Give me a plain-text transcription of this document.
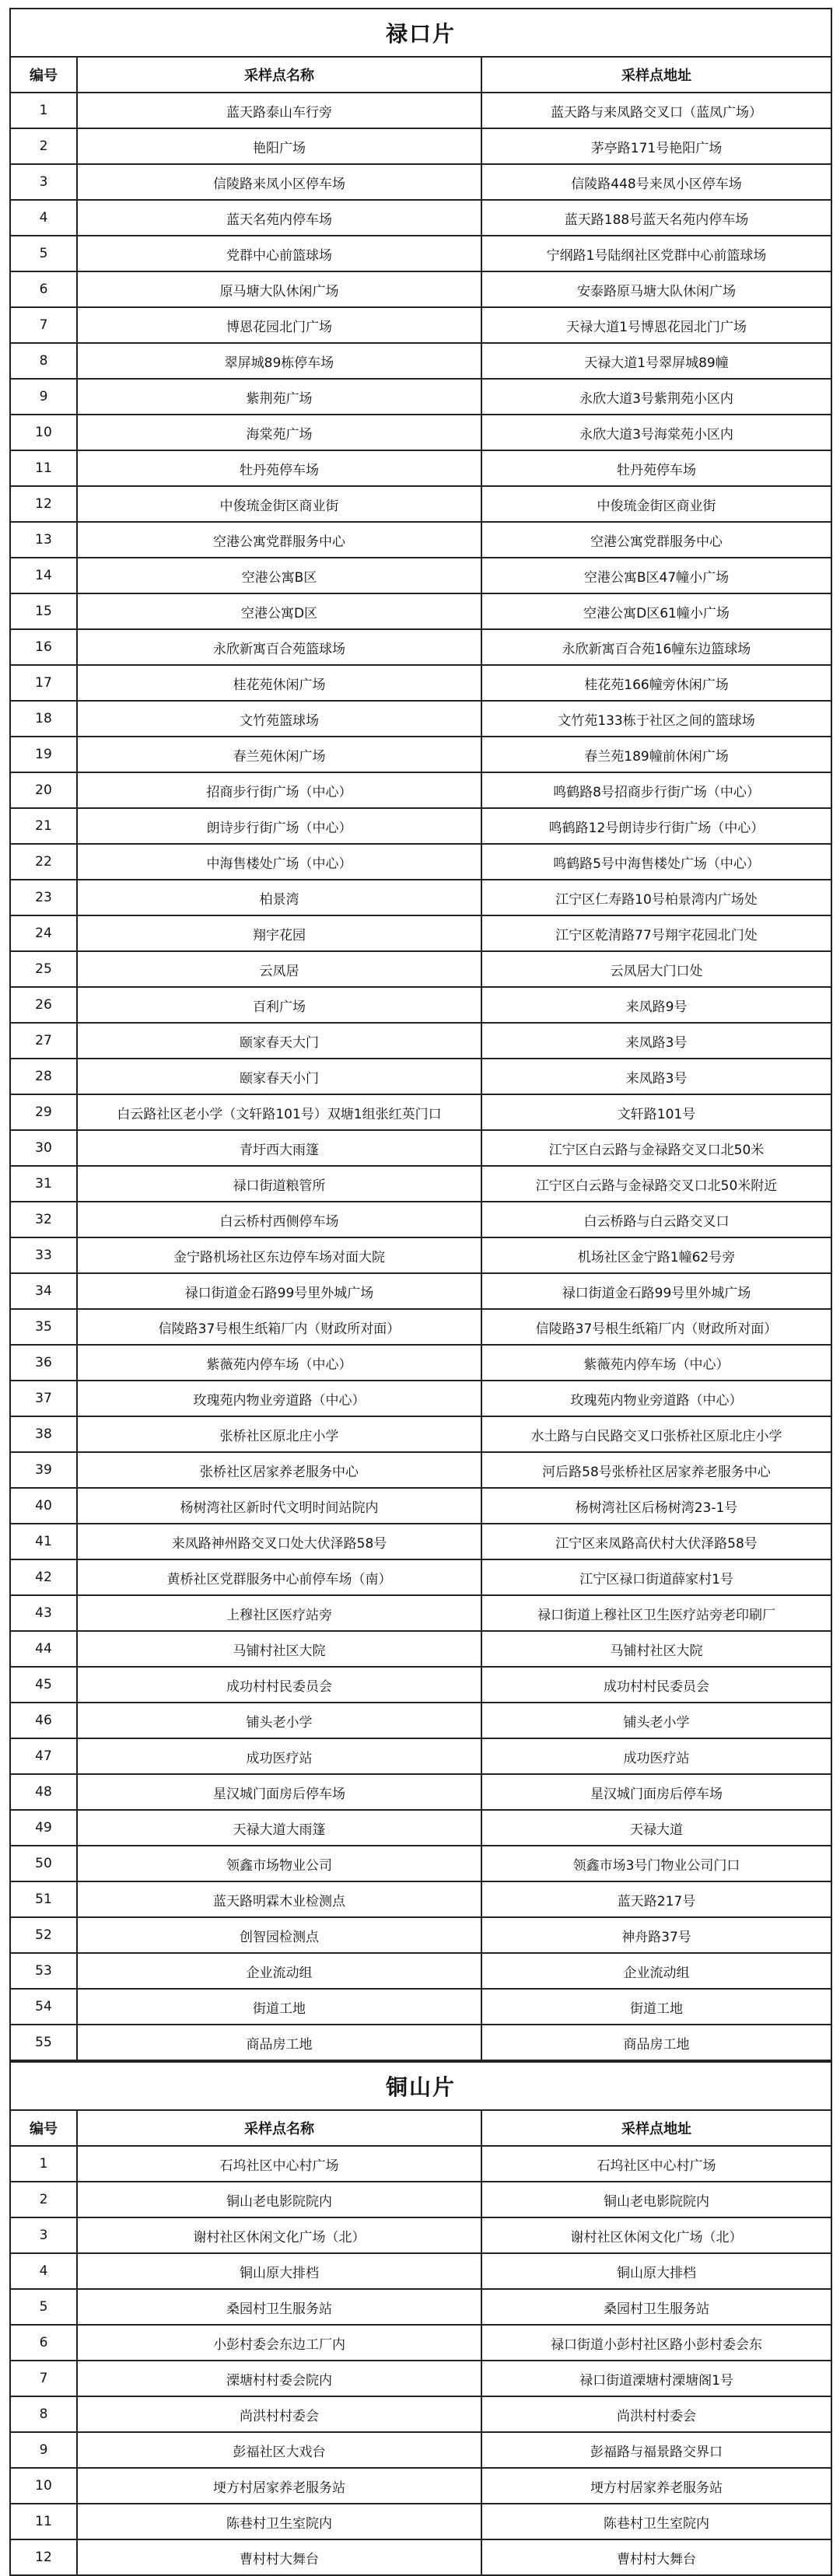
禄口片		
编号	采样点名称	采样点地址
1	蓝天路泰山车行旁	蓝天路与来凤路交叉口（蓝凤广场）
2	艳阳广场	茅亭路171号艳阳广场
3	信陵路来凤小区停车场	信陵路448号来凤小区停车场
4	蓝天名苑内停车场	蓝天路188号蓝天名苑内停车场
5	党群中心前篮球场	宁纲路1号陆纲社区党群中心前篮球场
6	原马塘大队休闲广场	安泰路原马塘大队休闲广场
7	博恩花园北门广场	天禄大道1号博恩花园北门广场
8	翠屏城89栋停车场	天禄大道1号翠屏城89幢
9	紫荆苑广场	永欣大道3号紫荆苑小区内
10	海棠苑广场	永欣大道3号海棠苑小区内
11	牡丹苑停车场	牡丹苑停车场
12	中俊琉金街区商业街	中俊琉金街区商业街
13	空港公寓党群服务中心	空港公寓党群服务中心
14	空港公寓B区	空港公寓B区47幢小广场
15	空港公寓D区	空港公寓D区61幢小广场
16	永欣新寓百合苑篮球场	永欣新寓百合苑16幢东边篮球场
17	桂花苑休闲广场	桂花苑166幢旁休闲广场
18	文竹苑篮球场	文竹苑133栋于社区之间的篮球场
19	春兰苑休闲广场	春兰苑189幢前休闲广场
20	招商步行街广场（中心）	鸣鹤路8号招商步行街广场（中心）
21	朗诗步行街广场（中心）	鸣鹤路12号朗诗步行街广场（中心）
22	中海售楼处广场（中心）	鸣鹤路5号中海售楼处广场（中心）
23	柏景湾	江宁区仁寿路10号柏景湾内广场处
24	翔宇花园	江宁区乾清路77号翔宇花园北门处
25	云凤居	云凤居大门口处
26	百利广场	来凤路9号
27	颐家春天大门	来凤路3号
28	颐家春天小门	来凤路3号
29	白云路社区老小学（文轩路101号）双塘1组张红英门口	文轩路101号
30	青圩西大雨篷	江宁区白云路与金禄路交叉口北50米
31	禄口街道粮管所	江宁区白云路与金禄路交叉口北50米附近
32	白云桥村西侧停车场	白云桥路与白云路交叉口
33	金宁路机场社区东边停车场对面大院	机场社区金宁路1幢62号旁
34	禄口街道金石路99号里外城广场	禄口街道金石路99号里外城广场
35	信陵路37号根生纸箱厂内（财政所对面）	信陵路37号根生纸箱厂内（财政所对面）
36	紫薇苑内停车场（中心）	紫薇苑内停车场（中心）
37	玫瑰苑内物业旁道路（中心）	玫瑰苑内物业旁道路（中心）
38	张桥社区原北庄小学	水土路与白民路交叉口张桥社区原北庄小学
39	张桥社区居家养老服务中心	河后路58号张桥社区居家养老服务中心
40	杨树湾社区新时代文明时间站院内	杨树湾社区后杨树湾23-1号
41	来凤路神州路交叉口处大伏泽路58号	江宁区来凤路高伏村大伏泽路58号
42	黄桥社区党群服务中心前停车场（南）	江宁区禄口街道薛家村1号
43	上穆社区医疗站旁	禄口街道上穆社区卫生医疗站旁老印刷厂
44	马铺村社区大院	马铺村社区大院
45	成功村村民委员会	成功村村民委员会
46	铺头老小学	铺头老小学
47	成功医疗站	成功医疗站
48	星汉城门面房后停车场	星汉城门面房后停车场
49	天禄大道大雨篷	天禄大道
50	领鑫市场物业公司	领鑫市场3号门物业公司门口
51	蓝天路明霖木业检测点	蓝天路217号
52	创智园检测点	神舟路37号
53	企业流动组	企业流动组
54	街道工地	街道工地
55	商品房工地	商品房工地
铜山片		
编号	采样点名称	采样点地址
1	石坞社区中心村广场	石坞社区中心村广场
2	铜山老电影院院内	铜山老电影院院内
3	谢村社区休闲文化广场（北）	谢村社区休闲文化广场（北）
4	铜山原大排档	铜山原大排档
5	桑园村卫生服务站	桑园村卫生服务站
6	小彭村委会东边工厂内	禄口街道小彭村社区路小彭村委会东
7	溧塘村村委会院内	禄口街道溧塘村溧塘阁1号
8	尚洪村村委会	尚洪村村委会
9	彭福社区大戏台	彭福路与福景路交界口
10	埂方村居家养老服务站	埂方村居家养老服务站
11	陈巷村卫生室院内	陈巷村卫生室院内
12	曹村村大舞台	曹村村大舞台
